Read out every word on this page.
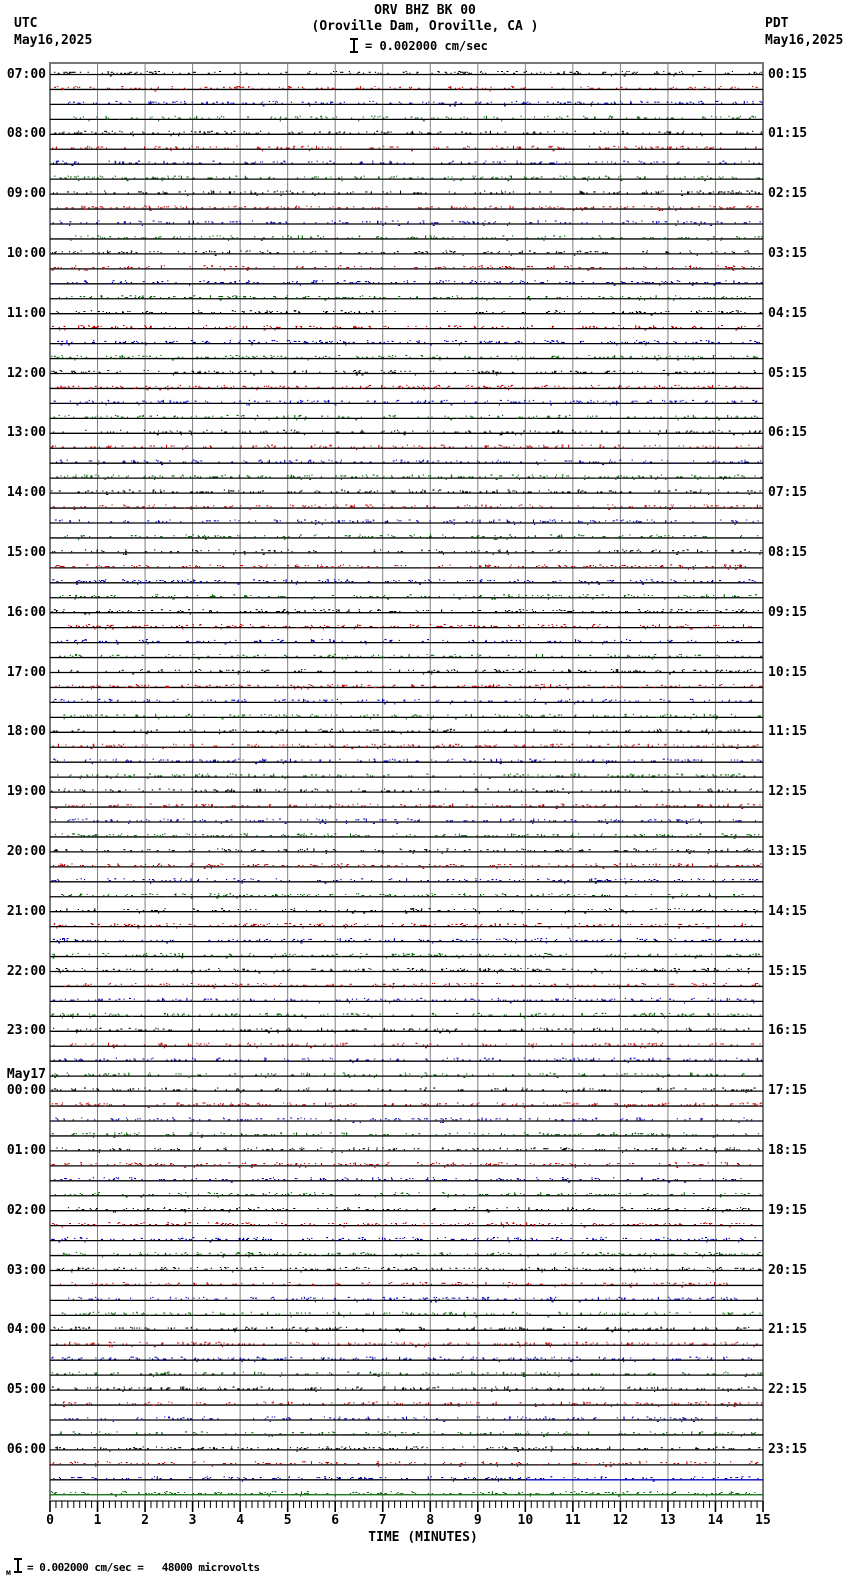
ORV BHZ BK 00
(Oroville Dam, Oroville, CA )
= 0.002000 cm/sec
UTC
May16,2025
PDT
May16,2025
07:00	00:15
08:00	01:15
09:00	02:15
10:00	03:15
11:00	04:15
12:00	05:15
13:00	06:15
14:00	07:15
15:00	08:15
16:00	09:15
17:00	10:15
18:00	11:15
19:00	12:15
20:00	13:15
21:00	14:15
22:00	15:15
23:00	16:15
00:00
May17
17:15
01:00	18:15
02:00	19:15
03:00	20:15
04:00	21:15
05:00	22:15
06:00	23:15
0	1	2	3	4	5	6	7	8	9	10	11	12	13	14	15
TIME (MINUTES)
м = 0.002000 cm/sec =   48000 microvolts
